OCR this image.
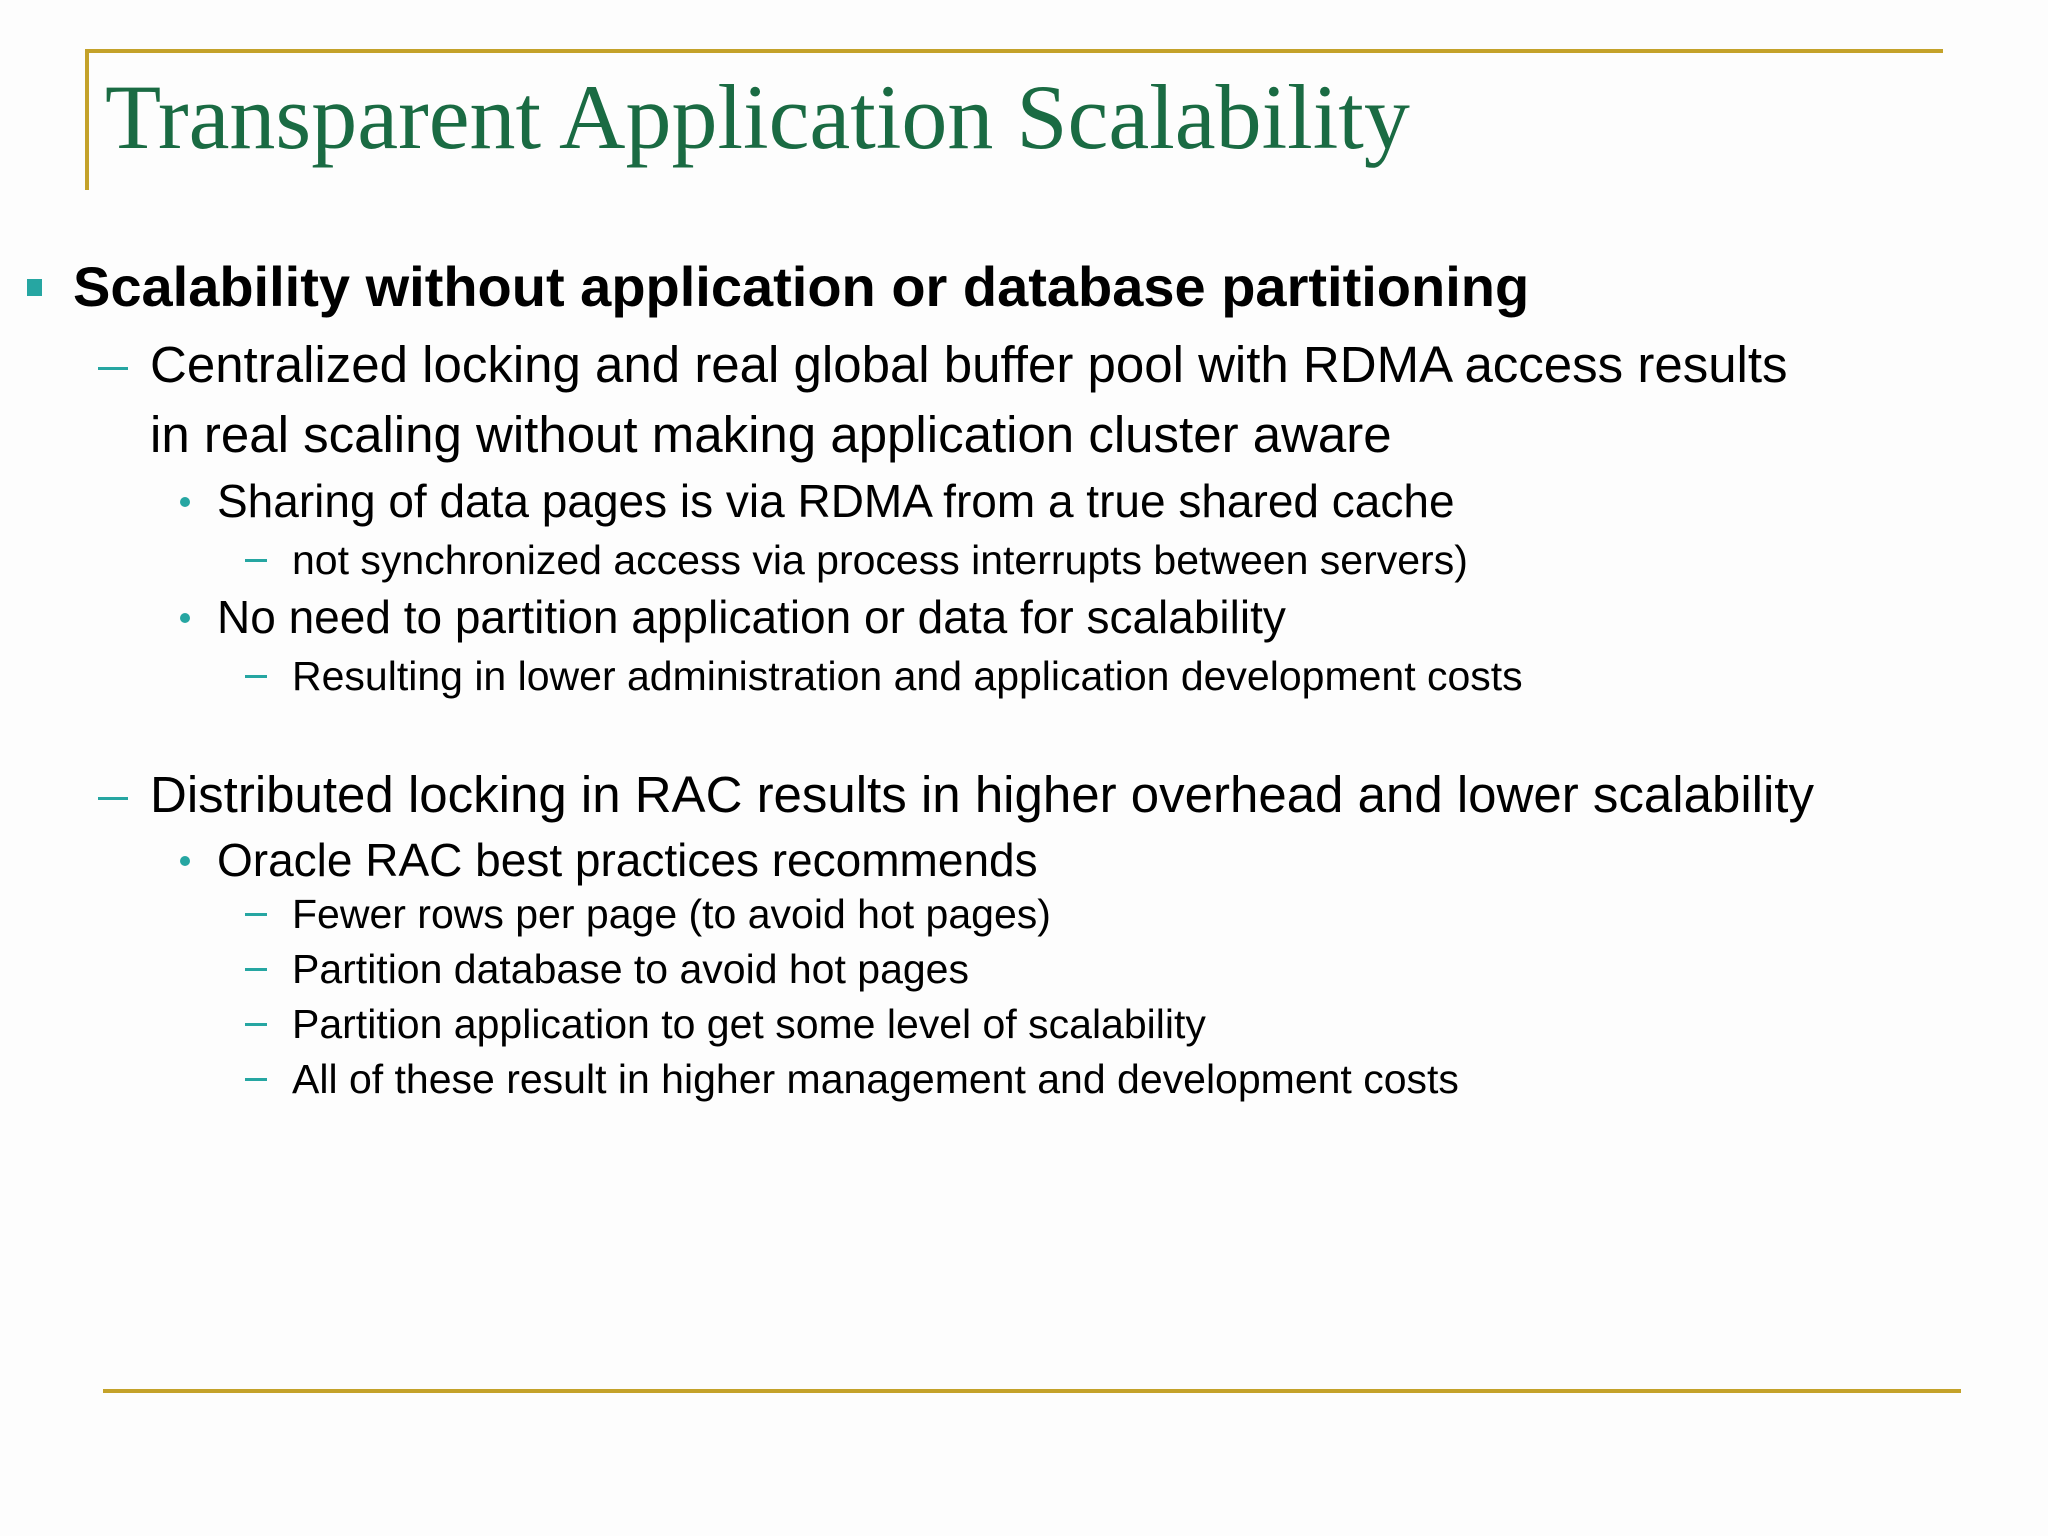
Transparent Application Scalability
Scalability without application or database partitioning
Centralized locking and real global buffer pool with RDMA access results
in real scaling without making application cluster aware
Sharing of data pages is via RDMA from a true shared cache
not synchronized access via process interrupts between servers)
No need to partition application or data for scalability
Resulting in lower administration and application development costs
Distributed locking in RAC results in higher overhead and lower scalability
Oracle RAC best practices recommends
Fewer rows per page (to avoid hot pages)
Partition database to avoid hot pages
Partition application to get some level of scalability
All of these result in higher management and development costs
